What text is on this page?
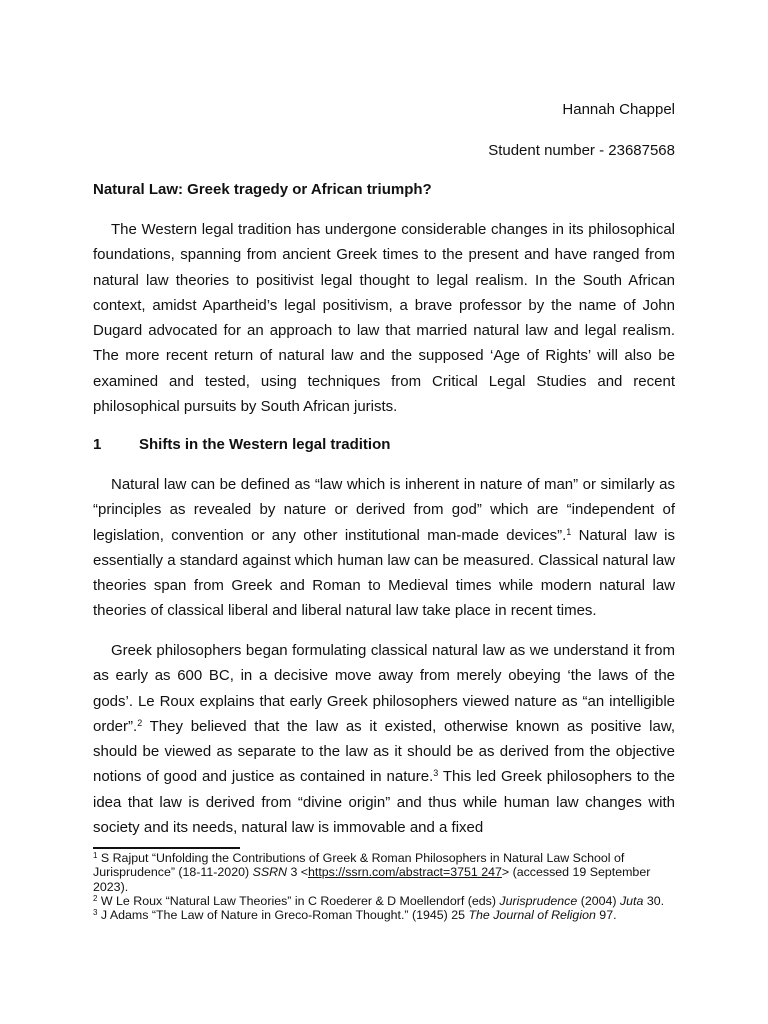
Hannah Chappel
Student number - 23687568
Natural Law: Greek tragedy or African triumph?
The Western legal tradition has undergone considerable changes in its philosophical foundations, spanning from ancient Greek times to the present and have ranged from natural law theories to positivist legal thought to legal realism. In the South African context, amidst Apartheid’s legal positivism, a brave professor by the name of John Dugard advocated for an approach to law that married natural law and legal realism. The more recent return of natural law and the supposed ‘Age of Rights’ will also be examined and tested, using techniques from Critical Legal Studies and recent philosophical pursuits by South African jurists.
1	Shifts in the Western legal tradition
Natural law can be defined as “law which is inherent in nature of man” or similarly as “principles as revealed by nature or derived from god” which are “independent of legislation, convention or any other institutional man-made devices”.$^1$ Natural law is essentially a standard against which human law can be measured. Classical natural law theories span from Greek and Roman to Medieval times while modern natural law theories of classical liberal and liberal natural law take place in recent times.
Greek philosophers began formulating classical natural law as we understand it from as early as 600 BC, in a decisive move away from merely obeying ‘the laws of the gods’. Le Roux explains that early Greek philosophers viewed nature as “an intelligible order”.$^2$ They believed that the law as it existed, otherwise known as positive law, should be viewed as separate to the law as it should be as derived from the objective notions of good and justice as contained in nature.$^3$ This led Greek philosophers to the idea that law is derived from “divine origin” and thus while human law changes with society and its needs, natural law is immovable and a fixed

$^1$ S Rajput “Unfolding the Contributions of Greek & Roman Philosophers in Natural Law School of Jurisprudence” (18-11-2020) SSRN 3 <https://ssrn.com/abstract=3751 247> (accessed 19 September 2023).

$^2$ W Le Roux “Natural Law Theories” in C Roederer & D Moellendorf (eds) Jurisprudence (2004) Juta 30.

$^3$ J Adams “The Law of Nature in Greco-Roman Thought.” (1945) 25 The Journal of Religion 97.
